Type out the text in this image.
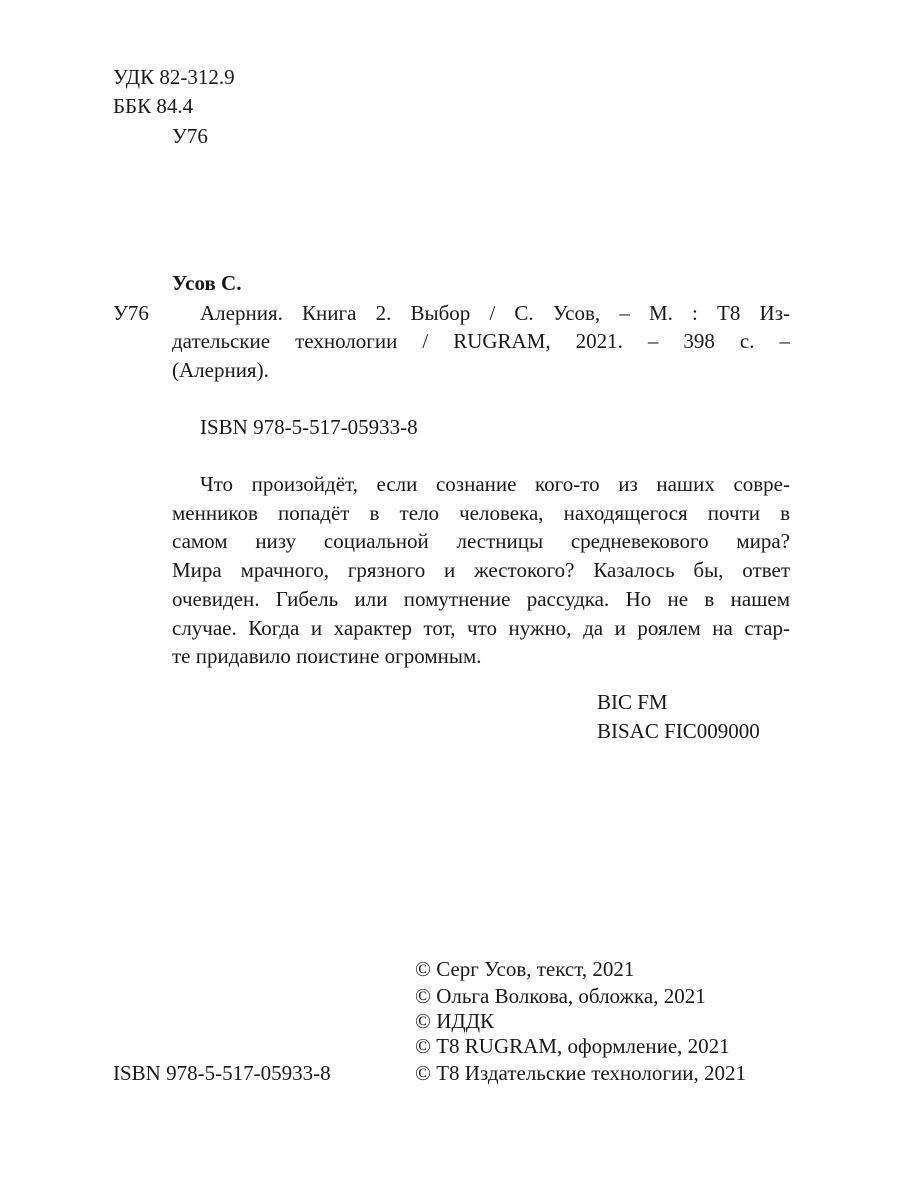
УДК 82-312.9
ББК 84.4
У76
Усов С.
У76 Алерния. Книга 2. Выбор / С. Усов, – М. : Т8 Из-
дательские технологии / RUGRAM, 2021. – 398 с. –
(Алерния).
ISBN 978-5-517-05933-8
Что произойдёт, если сознание кого-то из наших совре-
менников попадёт в тело человека, находящегося почти в
самом низу социальной лестницы средневекового мира?
Мира мрачного, грязного и жестокого? Казалось бы, ответ
очевиден. Гибель или помутнение рассудка. Но не в нашем
случае. Когда и характер тот, что нужно, да и роялем на стар-
те придавило поистине огромным.
BIC FM
BISAC FIC009000
© Серг Усов, текст, 2021
© Ольга Волкова, обложка, 2021
© ИДДК
© Т8 RUGRAM, оформление, 2021
© Т8 Издательские технологии, 2021
ISBN 978-5-517-05933-8
